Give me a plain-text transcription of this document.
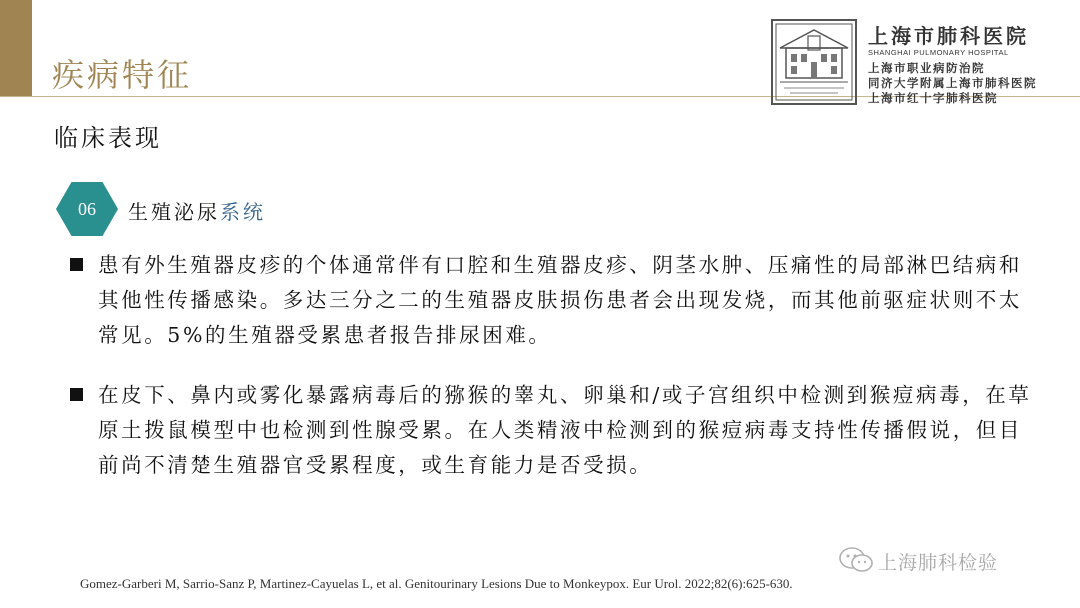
疾病特征
临床表现
上海市肺科医院
SHANGHAI PULMONARY HOSPITAL
上海市职业病防治院
同济大学附属上海市肺科医院
上海市红十字肺科医院
06	生殖泌尿系统
患有外生殖器皮疹的个体通常伴有口腔和生殖器皮疹、阴茎水肿、压痛性的局部淋巴结病和其他性传播感染。多达三分之二的生殖器皮肤损伤患者会出现发烧，而其他前驱症状则不太常见。5%的生殖器受累患者报告排尿困难。
在皮下、鼻内或雾化暴露病毒后的猕猴的睾丸、卵巢和/或子宫组织中检测到猴痘病毒，在草原土拨鼠模型中也检测到性腺受累。在人类精液中检测到的猴痘病毒支持性传播假说，但目前尚不清楚生殖器官受累程度，或生育能力是否受损。
Gomez-Garberi M, Sarrio-Sanz P, Martinez-Cayuelas L, et al. Genitourinary Lesions Due to Monkeypox. Eur Urol. 2022;82(6):625-630.
上海肺科检验
